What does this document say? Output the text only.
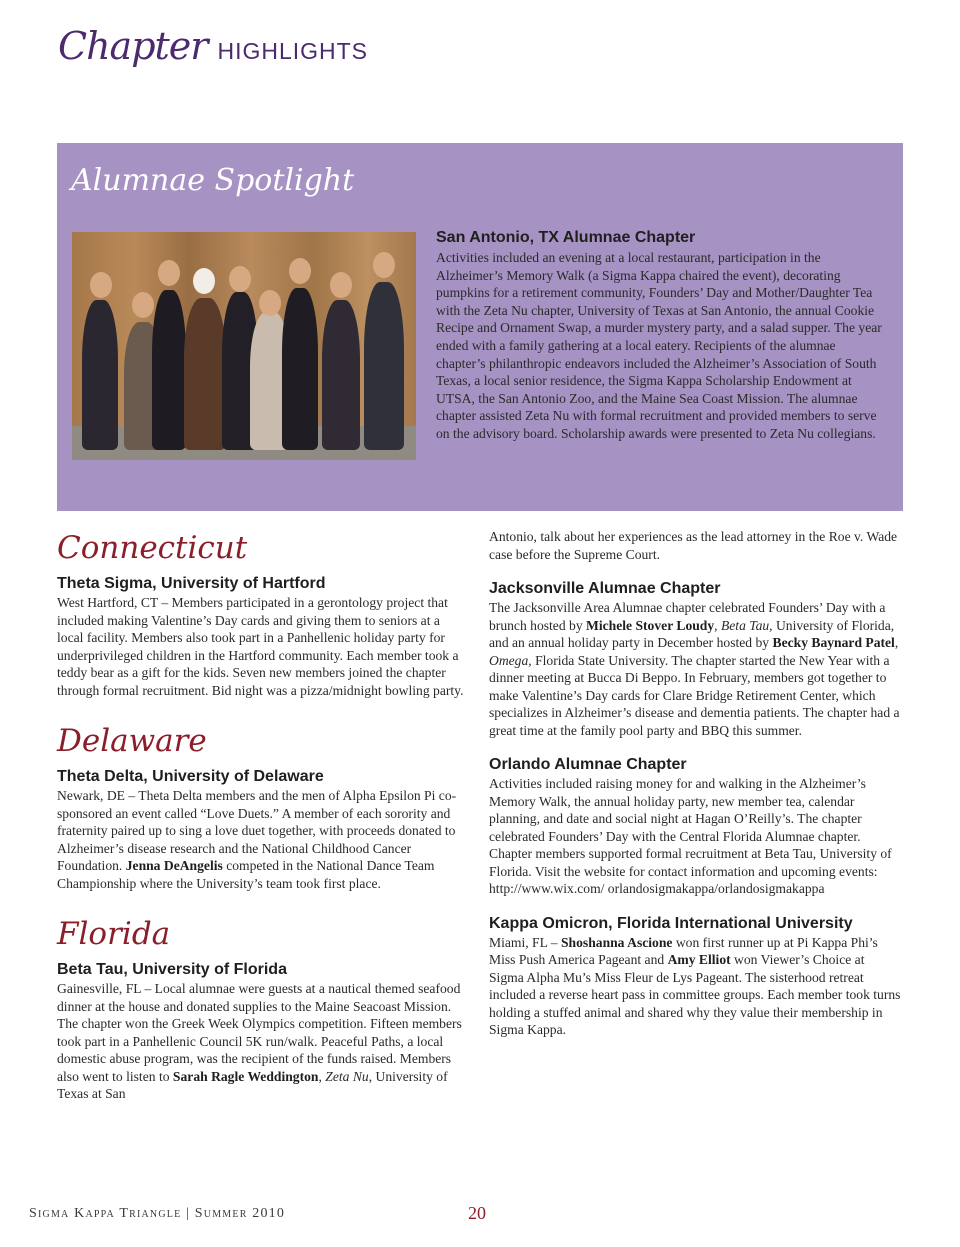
Chapter HIGHLIGHTS
Alumnae Spotlight
San Antonio, TX Alumnae Chapter

Activities included an evening at a local restaurant, participation in the Alzheimer’s Memory Walk (a Sigma Kappa chaired the event), decorating pumpkins for a retirement community, Founders’ Day and Mother/Daughter Tea with the Zeta Nu chapter, University of Texas at San Antonio, the annual Cookie Recipe and Ornament Swap, a murder mystery party, and a salad supper. The year ended with a family gathering at a local eatery. Recipients of the alumnae chapter’s philanthropic endeavors included the Alzheimer’s Association of South Texas, a local senior residence, the Sigma Kappa Scholarship Endowment at UTSA, the San Antonio Zoo, and the Maine Sea Coast Mission. The alumnae chapter assisted Zeta Nu with formal recruitment and provided members to serve on the advisory board. Scholarship awards were presented to Zeta Nu collegians.

Connecticut
Theta Sigma, University of Hartford

West Hartford, CT – Members participated in a gerontology project that included making Valentine’s Day cards and giving them to seniors at a local facility. Members also took part in a Panhellenic holiday party for underprivileged children in the Hartford community. Each member took a teddy bear as a gift for the kids. Seven new members joined the chapter through formal recruitment. Bid night was a pizza/midnight bowling party.

Delaware
Theta Delta, University of Delaware

Newark, DE – Theta Delta members and the men of Alpha Epsilon Pi co-sponsored an event called “Love Duets.” A member of each sorority and fraternity paired up to sing a love duet together, with proceeds donated to Alzheimer’s disease research and the National Childhood Cancer Foundation. Jenna DeAngelis competed in the National Dance Team Championship where the University’s team took first place.

Florida
Beta Tau, University of Florida

Gainesville, FL – Local alumnae were guests at a nautical themed seafood dinner at the house and donated supplies to the Maine Seacoast Mission. The chapter won the Greek Week Olympics competition. Fifteen members took part in a Panhellenic Council 5K run/walk. Peaceful Paths, a local domestic abuse program, was the recipient of the funds raised. Members also went to listen to Sarah Ragle Weddington, Zeta Nu, University of Texas at San

Antonio, talk about her experiences as the lead attorney in the Roe v. Wade case before the Supreme Court.

Jacksonville Alumnae Chapter

The Jacksonville Area Alumnae chapter celebrated Founders’ Day with a brunch hosted by Michele Stover Loudy, Beta Tau, University of Florida, and an annual holiday party in December hosted by Becky Baynard Patel, Omega, Florida State University. The chapter started the New Year with a dinner meeting at Bucca Di Beppo. In February, members got together to make Valentine’s Day cards for Clare Bridge Retirement Center, which specializes in Alzheimer’s disease and dementia patients. The chapter had a great time at the family pool party and BBQ this summer.

Orlando Alumnae Chapter

Activities included raising money for and walking in the Alzheimer’s Memory Walk, the annual holiday party, new member tea, calendar planning, and date and social night at Hagan O’Reilly’s. The chapter celebrated Founders’ Day with the Central Florida Alumnae chapter. Chapter members supported formal recruitment at Beta Tau, University of Florida. Visit the website for contact information and upcoming events: http://www.wix.com/ orlandosigmakappa/orlandosigmakappa

Kappa Omicron, Florida International University

Miami, FL – Shoshanna Ascione won first runner up at Pi Kappa Phi’s Miss Push America Pageant and Amy Elliot won Viewer’s Choice at Sigma Alpha Mu’s Miss Fleur de Lys Pageant. The sisterhood retreat included a reverse heart pass in committee groups. Each member took turns holding a stuffed animal and shared why they value their membership in Sigma Kappa.

Sigma Kappa Triangle | Summer 2010	20
